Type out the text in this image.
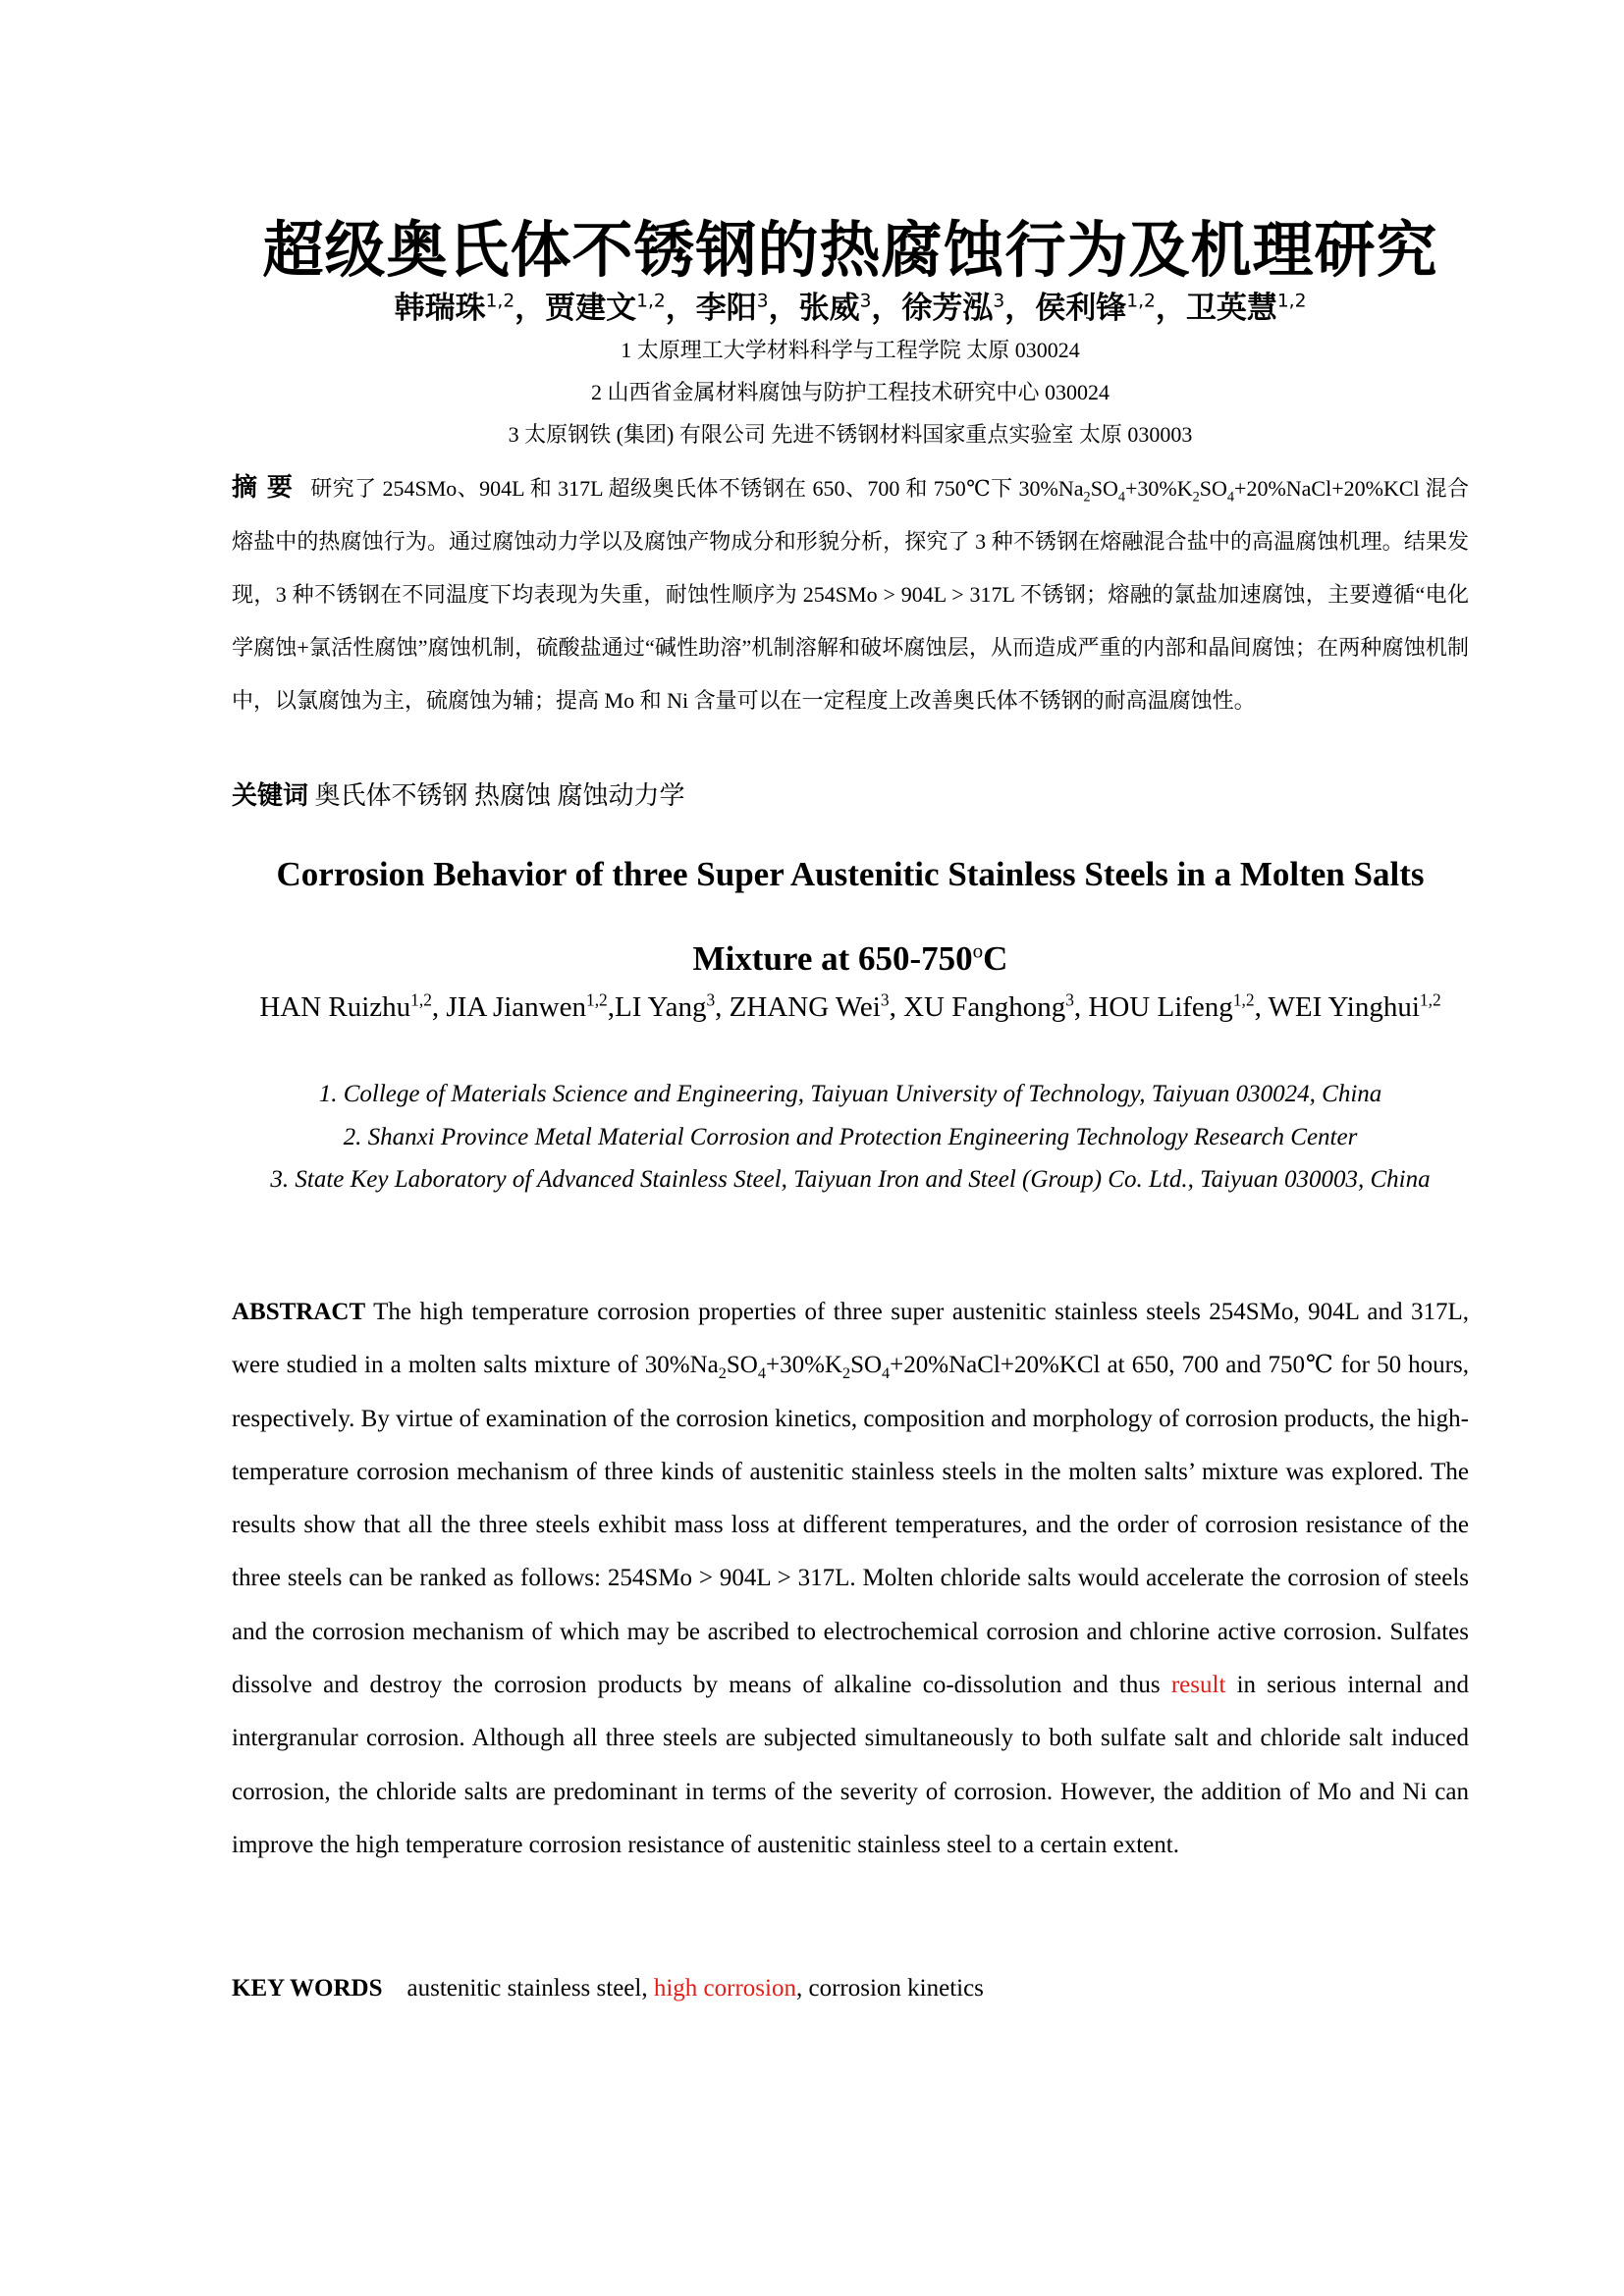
超级奥氏体不锈钢的热腐蚀行为及机理研究
韩瑞珠$^{1,2}$，贾建文$^{1,2}$，李阳$^3$，张威$^3$，徐芳泓$^3$，侯利锋$^{1,2}$，卫英慧$^{1,2}$
1 太原理工大学材料科学与工程学院 太原 030024
2 山西省金属材料腐蚀与防护工程技术研究中心 030024
3 太原钢铁 (集团) 有限公司 先进不锈钢材料国家重点实验室 太原 030003
摘 要 研究了 254SMo、904L 和 317L 超级奥氏体不锈钢在 650、700 和 750℃下 $30\%Na_2SO_4+30\%K_2SO_4+20\%NaCl+20\%KCl$ 混合熔盐中的热腐蚀行为。通过腐蚀动力学以及腐蚀产物成分和形貌分析，探究了 3 种不锈钢在熔融混合盐中的高温腐蚀机理。结果发现，3 种不锈钢在不同温度下均表现为失重，耐蚀性顺序为 254SMo > 904L > 317L 不锈钢；熔融的氯盐加速腐蚀，主要遵循“电化学腐蚀+氯活性腐蚀”腐蚀机制，硫酸盐通过“碱性助溶”机制溶解和破坏腐蚀层，从而造成严重的内部和晶间腐蚀；在两种腐蚀机制中，以氯腐蚀为主，硫腐蚀为辅；提高 Mo 和 Ni 含量可以在一定程度上改善奥氏体不锈钢的耐高温腐蚀性。
关键词 奥氏体不锈钢 热腐蚀 腐蚀动力学
Corrosion Behavior of three Super Austenitic Stainless Steels in a Molten Salts Mixture at 650-750$^o$C
HAN Ruizhu$^{1,2}$, JIA Jianwen$^{1,2}$,LI Yang$^3$, ZHANG Wei$^3$, XU Fanghong$^3$, HOU Lifeng$^{1,2}$, WEI Yinghui$^{1,2}$
1. College of Materials Science and Engineering, Taiyuan University of Technology, Taiyuan 030024, China
2. Shanxi Province Metal Material Corrosion and Protection Engineering Technology Research Center
3. State Key Laboratory of Advanced Stainless Steel, Taiyuan Iron and Steel (Group) Co. Ltd., Taiyuan 030003, China
ABSTRACT The high temperature corrosion properties of three super austenitic stainless steels 254SMo, 904L and 317L, were studied in a molten salts mixture of $30\%Na_2SO_4+30\%K_2SO_4+20\%NaCl+20\%KCl$ at 650, 700 and 750℃ for 50 hours, respectively. By virtue of examination of the corrosion kinetics, composition and morphology of corrosion products, the high-temperature corrosion mechanism of three kinds of austenitic stainless steels in the molten salts’ mixture was explored. The results show that all the three steels exhibit mass loss at different temperatures, and the order of corrosion resistance of the three steels can be ranked as follows: 254SMo > 904L > 317L. Molten chloride salts would accelerate the corrosion of steels and the corrosion mechanism of which may be ascribed to electrochemical corrosion and chlorine active corrosion. Sulfates dissolve and destroy the corrosion products by means of alkaline co-dissolution and thus result in serious internal and intergranular corrosion. Although all three steels are subjected simultaneously to both sulfate salt and chloride salt induced corrosion, the chloride salts are predominant in terms of the severity of corrosion. However, the addition of Mo and Ni can improve the high temperature corrosion resistance of austenitic stainless steel to a certain extent.
KEY WORDS austenitic stainless steel, high corrosion, corrosion kinetics
